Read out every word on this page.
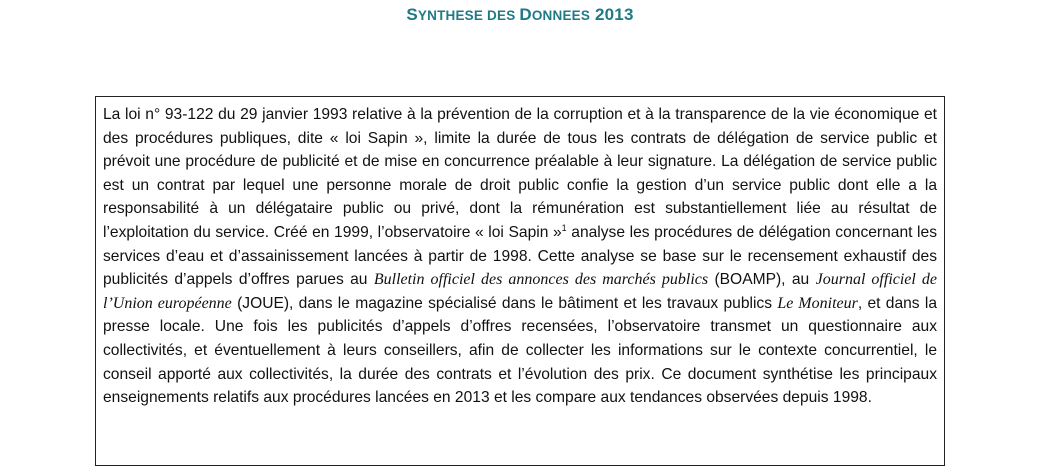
SYNTHESE DES DONNEES 2013

La loi n° 93-122 du 29 janvier 1993 relative à la prévention de la corruption et à la transparence de la vie économique et des procédures publiques, dite « loi Sapin », limite la durée de tous les contrats de délégation de service public et prévoit une procédure de publicité et de mise en concurrence préalable à leur signature. La délégation de service public est un contrat par lequel une personne morale de droit public confie la gestion d’un service public dont elle a la responsabilité à un délégataire public ou privé, dont la rémunération est substantiellement liée au résultat de l’exploitation du service. Créé en 1999, l’observatoire « loi Sapin »$^1$ analyse les procédures de délégation concernant les services d’eau et d’assainissement lancées à partir de 1998. Cette analyse se base sur le recensement exhaustif des publicités d’appels d’offres parues au Bulletin officiel des annonces des marchés publics (BOAMP), au Journal officiel de l’Union européenne (JOUE), dans le magazine spécialisé dans le bâtiment et les travaux publics Le Moniteur, et dans la presse locale. Une fois les publicités d’appels d’offres recensées, l’observatoire transmet un questionnaire aux collectivités, et éventuellement à leurs conseillers, afin de collecter les informations sur le contexte concurrentiel, le conseil apporté aux collectivités, la durée des contrats et l’évolution des prix. Ce document synthétise les principaux enseignements relatifs aux procédures lancées en 2013 et les compare aux tendances observées depuis 1998.
